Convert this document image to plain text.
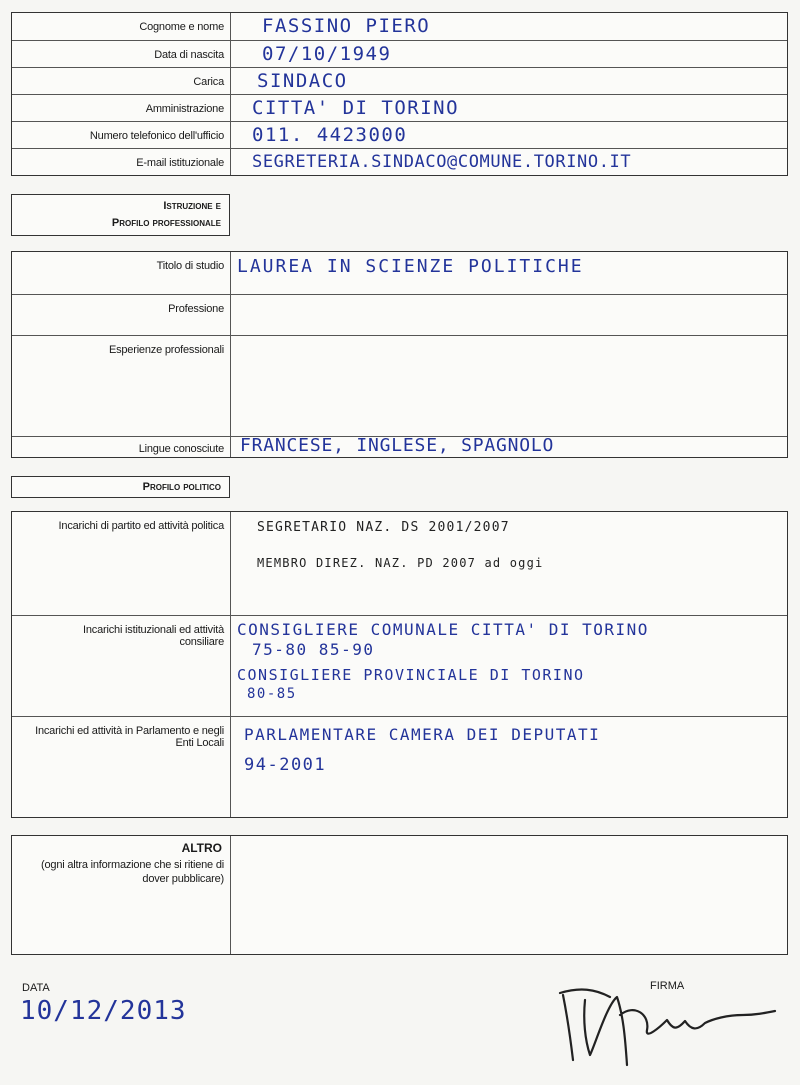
Cognome e nome	FASSINO PIERO
Data di nascita	07/10/1949
Carica	SINDACO
Amministrazione	CITTA' DI TORINO
Numero telefonico dell'ufficio	011. 4423000
E-mail istituzionale	SEGRETERIA.SINDACO@COMUNE.TORINO.IT
Istruzione e
Profilo professionale
Titolo di studio LAUREA IN SCIENZE POLITICHE
Professione
Esperienze professionali
Lingue conosciute FRANCESE, INGLESE, SPAGNOLO
Profilo politico
Incarichi di partito ed attività politica	SEGRETARIO NAZ. DS 2001/2007
MEMBRO DIREZ. NAZ. PD 2007 ad oggi
Incarichi istituzionali ed attività consiliare
CONSIGLIERE COMUNALE CITTA' DI TORINO
75-80 85-90
CONSIGLIERE PROVINCIALE DI TORINO
80-85
Incarichi ed attività in Parlamento e negli Enti Locali	PARLAMENTARE CAMERA DEI DEPUTATI
94-2001
ALTRO
(ogni altra informazione che si ritiene di dover pubblicare)
DATA
10/12/2013
FIRMA
